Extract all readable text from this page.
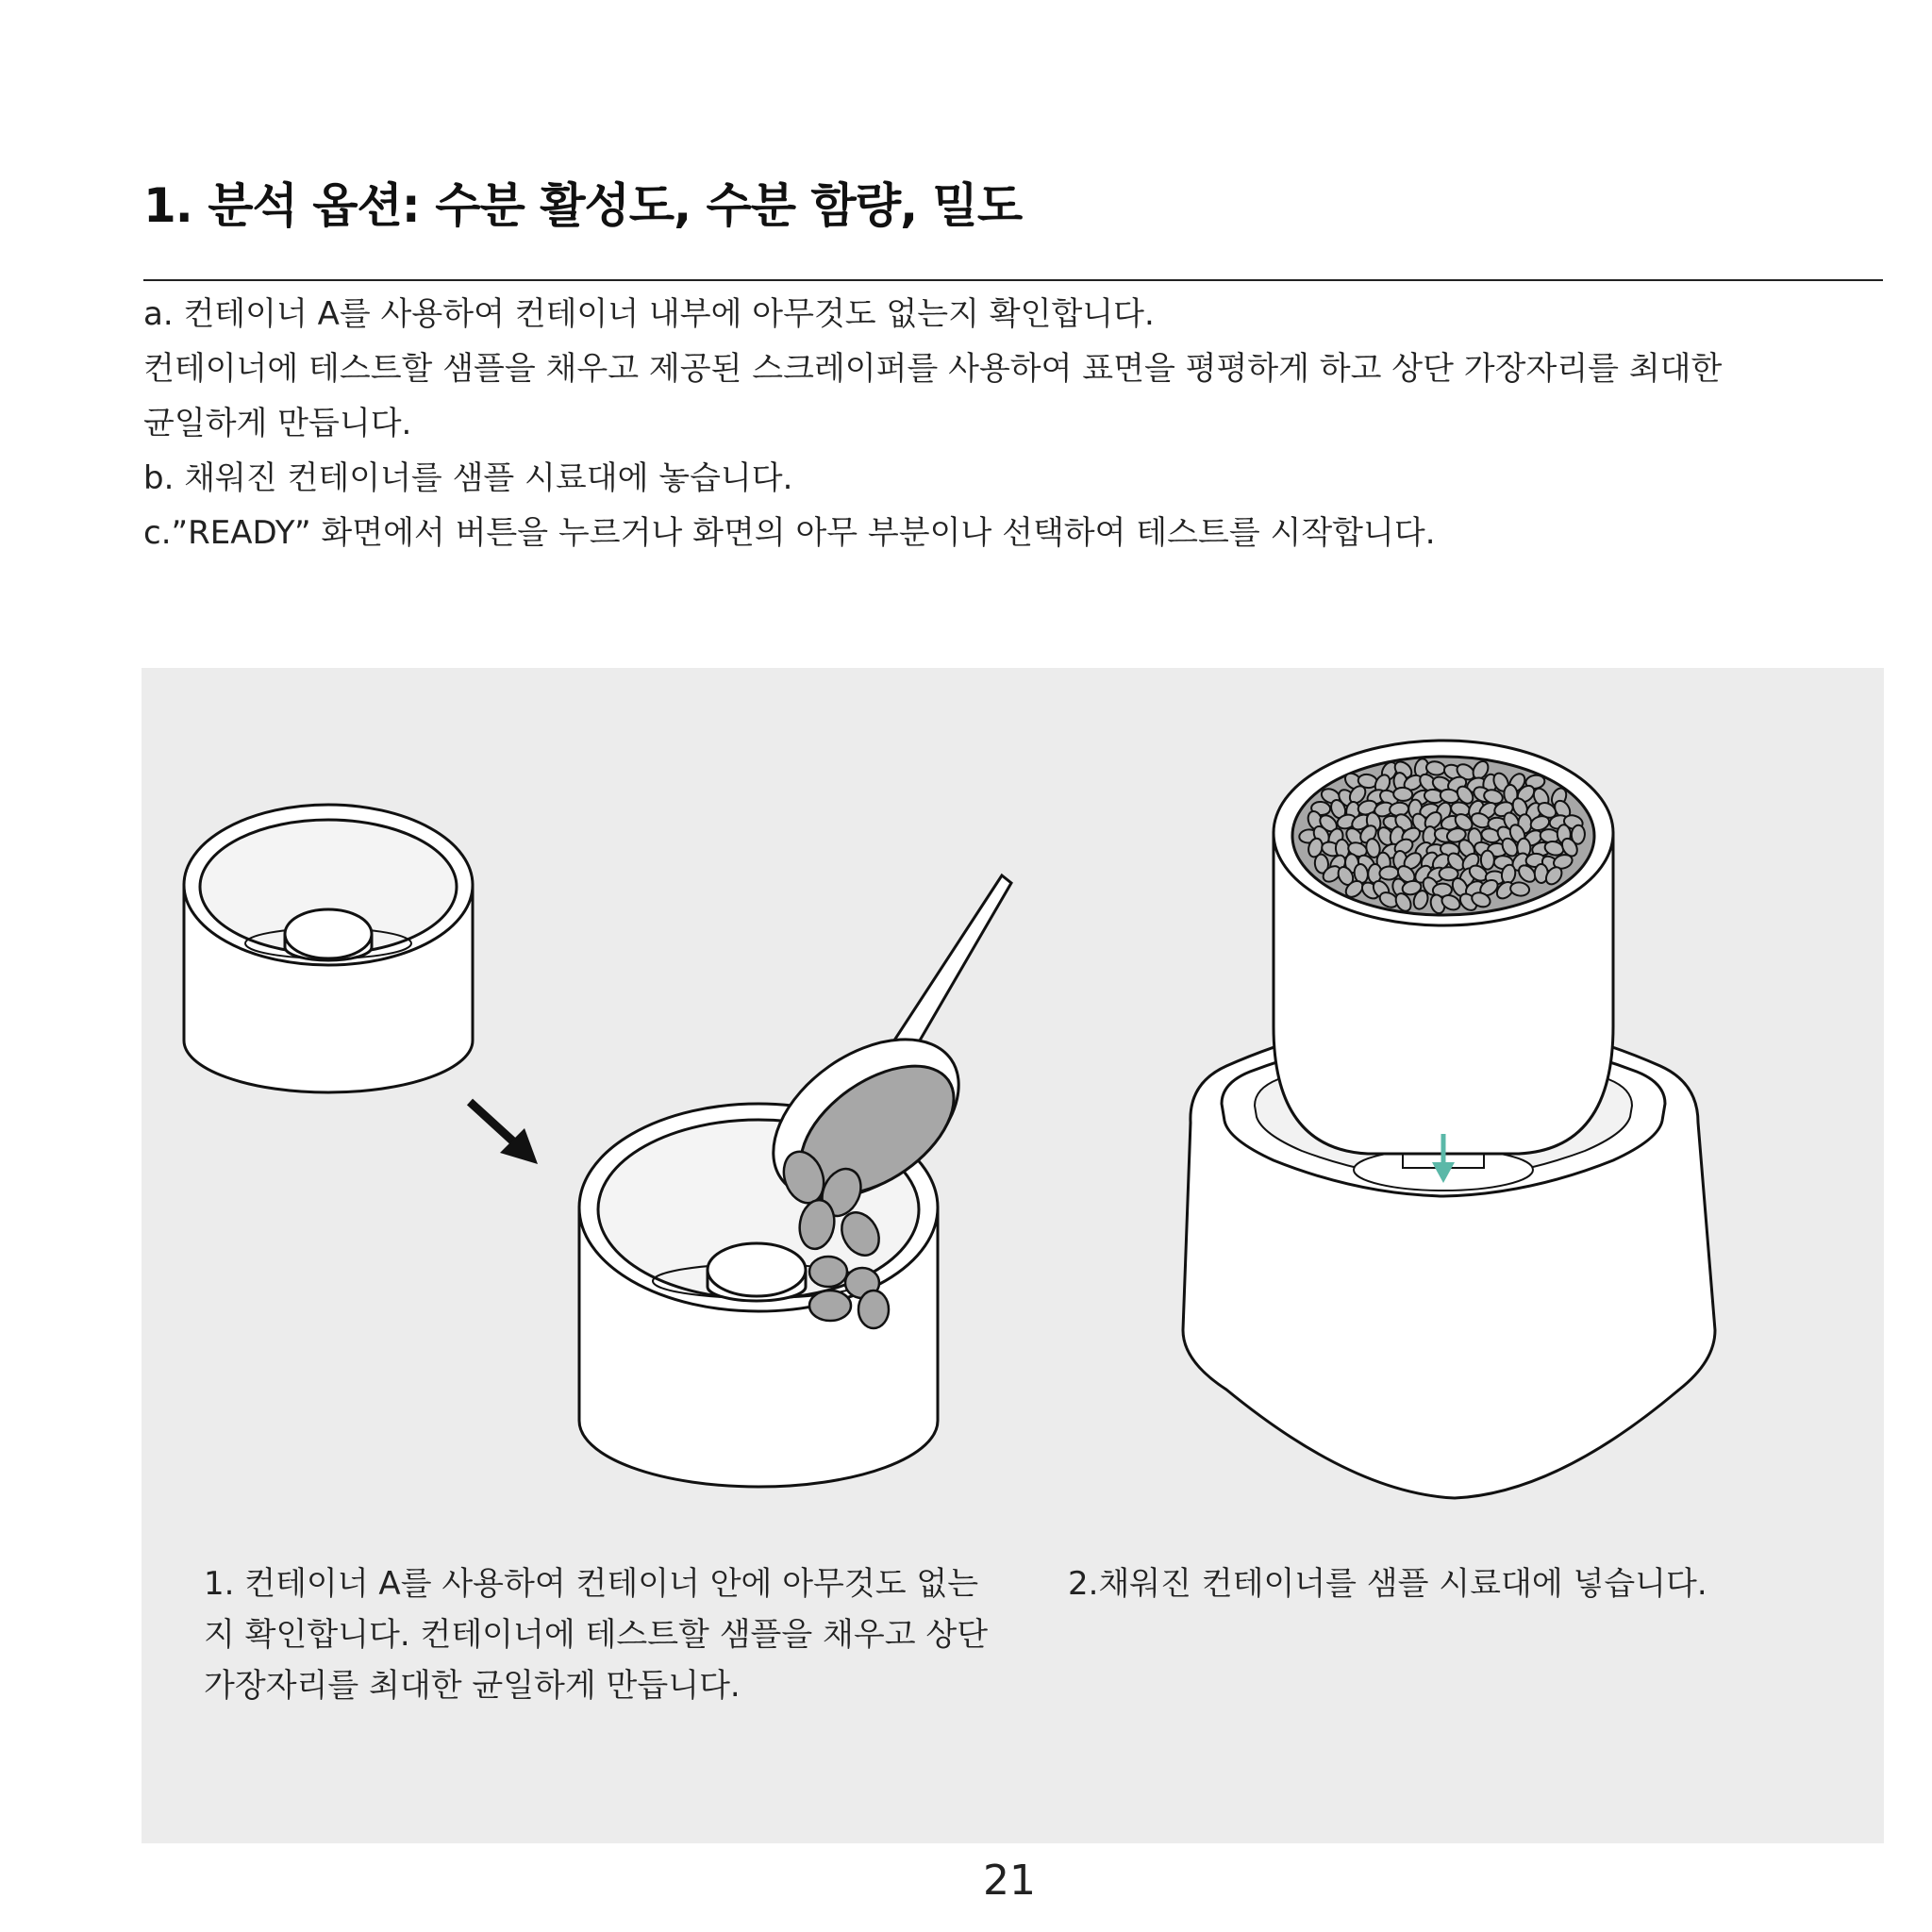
1. 분석 옵션: 수분 활성도, 수분 함량, 밀도

a. 컨테이너 A를 사용하여 컨테이너 내부에 아무것도 없는지 확인합니다.

컨테이너에 테스트할 샘플을 채우고 제공된 스크레이퍼를 사용하여 표면을 평평하게 하고 상단 가장자리를 최대한

균일하게 만듭니다.

b. 채워진 컨테이너를 샘플 시료대에 놓습니다.

c.”READY” 화면에서 버튼을 누르거나 화면의 아무 부분이나 선택하여 테스트를 시작합니다.

1. 컨테이너 A를 사용하여 컨테이너 안에 아무것도 없는지 확인합니다. 컨테이너에 테스트할 샘플을 채우고 상단 가장자리를 최대한 균일하게 만듭니다.
2.채워진 컨테이너를 샘플 시료대에 넣습니다.
21
